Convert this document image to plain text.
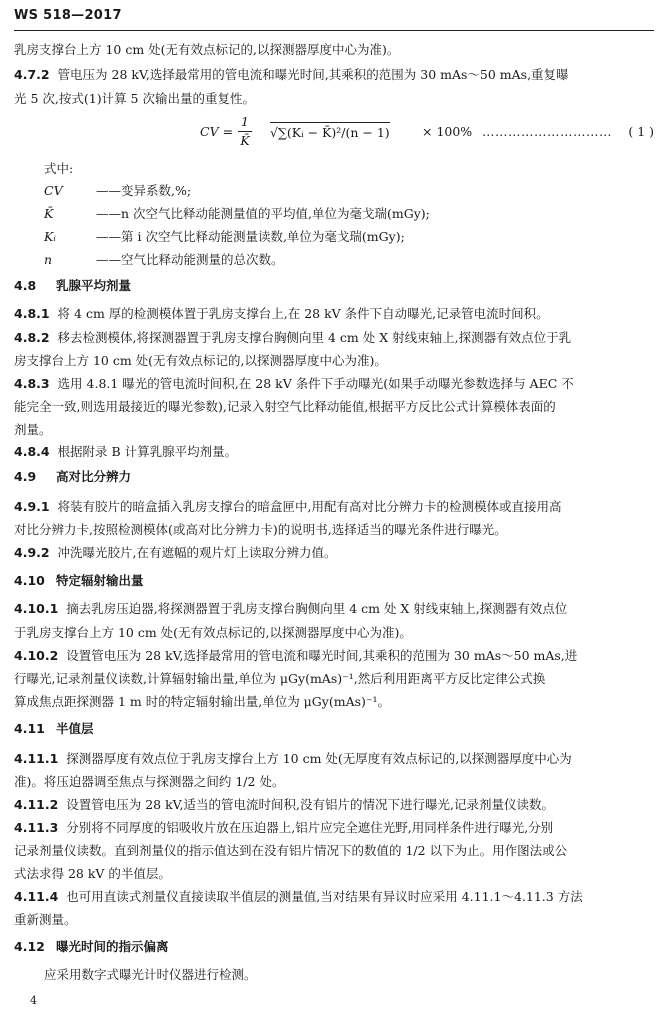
WS 518—2017
乳房支撑台上方 10 cm 处(无有效点标记的,以探测器厚度中心为准)。
4.7.2 管电压为 28 kV,选择最常用的管电流和曝光时间,其乘积的范围为 30 mAs～50 mAs,重复曝
光 5 次,按式(1)计算 5 次输出量的重复性。
CV =
1
K̄
√∑(Kᵢ − K̄)²/(n − 1)	× 100% ………………………… ( 1 )
式中:
CV	——变异系数,%;
K̄	——n 次空气比释动能测量值的平均值,单位为毫戈瑞(mGy);
Kᵢ	——第 i 次空气比释动能测量读数,单位为毫戈瑞(mGy);
n	——空气比释动能测量的总次数。
4.8 乳腺平均剂量
4.8.1 将 4 cm 厚的检测模体置于乳房支撑台上,在 28 kV 条件下自动曝光,记录管电流时间积。
4.8.2 移去检测模体,将探测器置于乳房支撑台胸侧向里 4 cm 处 X 射线束轴上,探测器有效点位于乳
房支撑台上方 10 cm 处(无有效点标记的,以探测器厚度中心为准)。
4.8.3 选用 4.8.1 曝光的管电流时间积,在 28 kV 条件下手动曝光(如果手动曝光参数选择与 AEC 不
能完全一致,则选用最接近的曝光参数),记录入射空气比释动能值,根据平方反比公式计算模体表面的
剂量。
4.8.4 根据附录 B 计算乳腺平均剂量。
4.9 高对比分辨力
4.9.1 将装有胶片的暗盒插入乳房支撑台的暗盒匣中,用配有高对比分辨力卡的检测模体或直接用高
对比分辨力卡,按照检测模体(或高对比分辨力卡)的说明书,选择适当的曝光条件进行曝光。
4.9.2 冲洗曝光胶片,在有遮幅的观片灯上读取分辨力值。
4.10 特定辐射输出量
4.10.1 摘去乳房压迫器,将探测器置于乳房支撑台胸侧向里 4 cm 处 X 射线束轴上,探测器有效点位
于乳房支撑台上方 10 cm 处(无有效点标记的,以探测器厚度中心为准)。
4.10.2 设置管电压为 28 kV,选择最常用的管电流和曝光时间,其乘积的范围为 30 mAs～50 mAs,进
行曝光,记录剂量仪读数,计算辐射输出量,单位为 μGy(mAs)⁻¹,然后利用距离平方反比定律公式换
算成焦点距探测器 1 m 时的特定辐射输出量,单位为 μGy(mAs)⁻¹。
4.11 半值层
4.11.1 探测器厚度有效点位于乳房支撑台上方 10 cm 处(无厚度有效点标记的,以探测器厚度中心为
准)。将压迫器调至焦点与探测器之间约 1/2 处。
4.11.2 设置管电压为 28 kV,适当的管电流时间积,没有铝片的情况下进行曝光,记录剂量仪读数。
4.11.3 分别将不同厚度的铝吸收片放在压迫器上,铝片应完全遮住光野,用同样条件进行曝光,分别
记录剂量仪读数。直到剂量仪的指示值达到在没有铝片情况下的数值的 1/2 以下为止。用作图法或公
式法求得 28 kV 的半值层。
4.11.4 也可用直读式剂量仪直接读取半值层的测量值,当对结果有异议时应采用 4.11.1～4.11.3 方法
重新测量。
4.12 曝光时间的指示偏离
应采用数字式曝光计时仪器进行检测。
4
